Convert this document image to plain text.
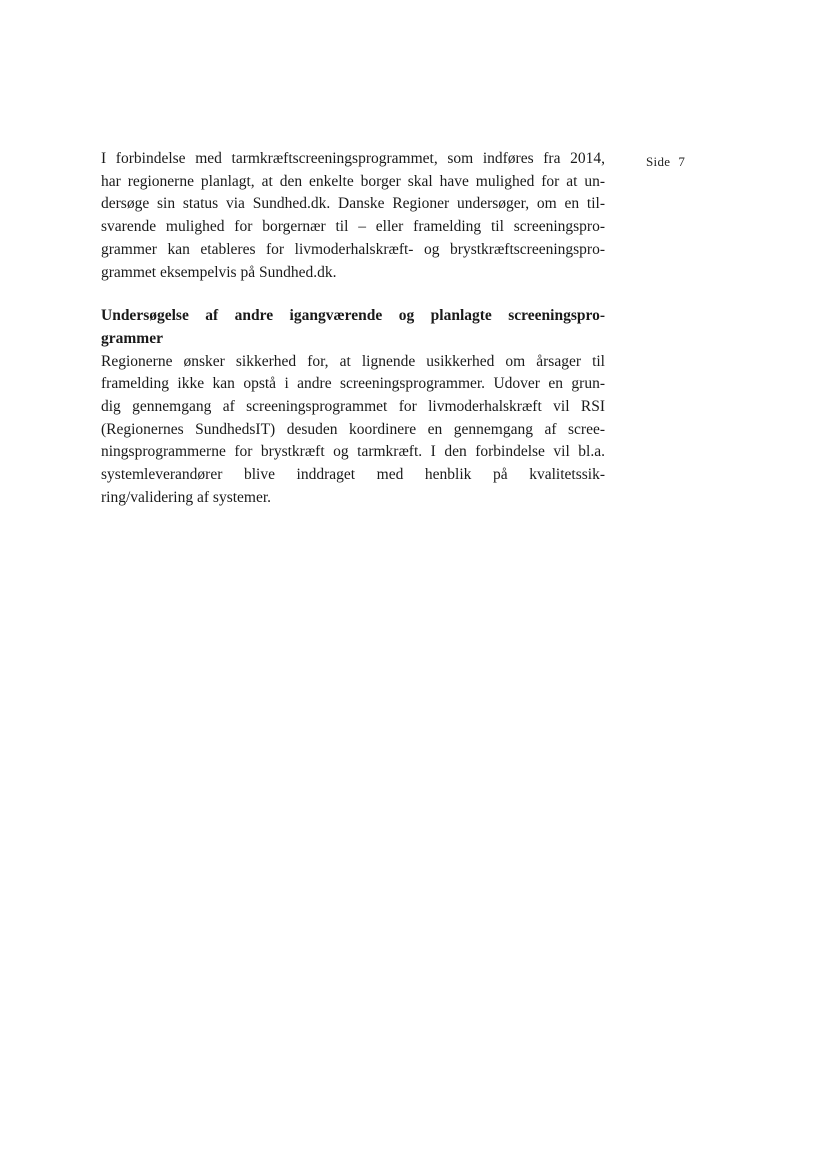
Side 7
I forbindelse med tarmkræftscreeningsprogrammet, som indføres fra 2014,
har regionerne planlagt, at den enkelte borger skal have mulighed for at un-
dersøge sin status via Sundhed.dk. Danske Regioner undersøger, om en til-
svarende mulighed for borgernær til – eller framelding til screeningspro-
grammer kan etableres for livmoderhalskræft- og brystkræftscreeningspro-
grammet eksempelvis på Sundhed.dk.
Undersøgelse af andre igangværende og planlagte screeningspro-
grammer
Regionerne ønsker sikkerhed for, at lignende usikkerhed om årsager til
framelding ikke kan opstå i andre screeningsprogrammer. Udover en grun-
dig gennemgang af screeningsprogrammet for livmoderhalskræft vil RSI
(Regionernes SundhedsIT) desuden koordinere en gennemgang af scree-
ningsprogrammerne for brystkræft og tarmkræft. I den forbindelse vil bl.a.
systemleverandører blive inddraget med henblik på kvalitetssik-
ring/validering af systemer.
